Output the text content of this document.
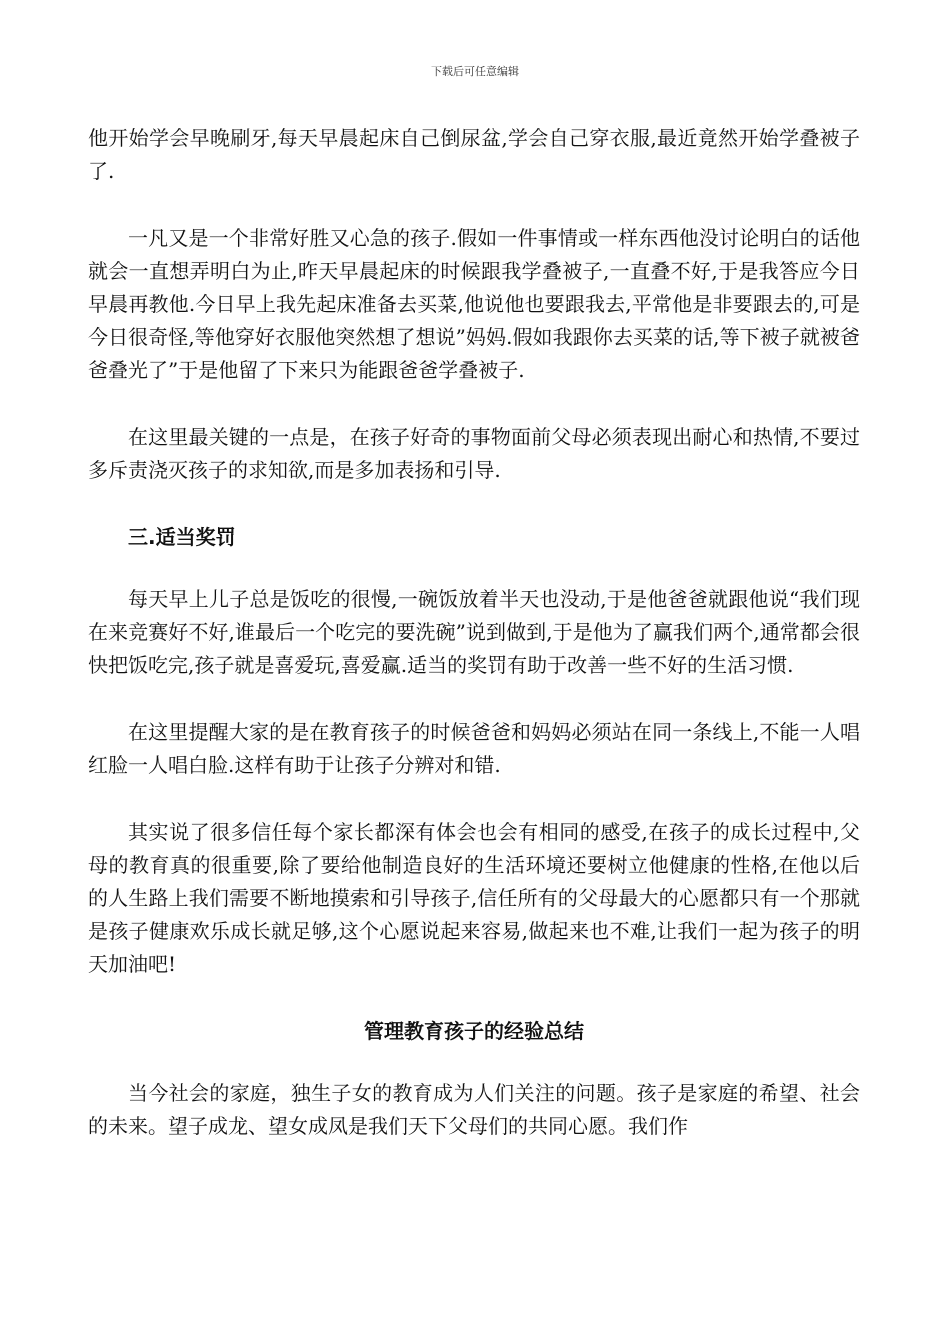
下载后可任意编辑

他开始学会早晚刷牙,每天早晨起床自己倒尿盆,学会自己穿衣服,最近竟然开始学叠被子了.

一凡又是一个非常好胜又心急的孩子.假如一件事情或一样东西他没讨论明白的话他就会一直想弄明白为止,昨天早晨起床的时候跟我学叠被子,一直叠不好,于是我答应今日早晨再教他.今日早上我先起床准备去买菜,他说他也要跟我去,平常他是非要跟去的,可是今日很奇怪,等他穿好衣服他突然想了想说”妈妈.假如我跟你去买菜的话,等下被子就被爸爸叠光了”于是他留了下来只为能跟爸爸学叠被子.

在这里最关键的一点是，在孩子好奇的事物面前父母必须表现出耐心和热情,不要过多斥责浇灭孩子的求知欲,而是多加表扬和引导.

三.适当奖罚

每天早上儿子总是饭吃的很慢,一碗饭放着半天也没动,于是他爸爸就跟他说“我们现在来竞赛好不好,谁最后一个吃完的要洗碗”说到做到,于是他为了赢我们两个,通常都会很快把饭吃完,孩子就是喜爱玩,喜爱赢.适当的奖罚有助于改善一些不好的生活习惯.

在这里提醒大家的是在教育孩子的时候爸爸和妈妈必须站在同一条线上,不能一人唱红脸一人唱白脸.这样有助于让孩子分辨对和错.

其实说了很多信任每个家长都深有体会也会有相同的感受,在孩子的成长过程中,父母的教育真的很重要,除了要给他制造良好的生活环境还要树立他健康的性格,在他以后的人生路上我们需要不断地摸索和引导孩子,信任所有的父母最大的心愿都只有一个那就是孩子健康欢乐成长就足够,这个心愿说起来容易,做起来也不难,让我们一起为孩子的明天加油吧!

管理教育孩子的经验总结

当今社会的家庭，独生子女的教育成为人们关注的问题。孩子是家庭的希望、社会的未来。望子成龙、望女成凤是我们天下父母们的共同心愿。我们作
